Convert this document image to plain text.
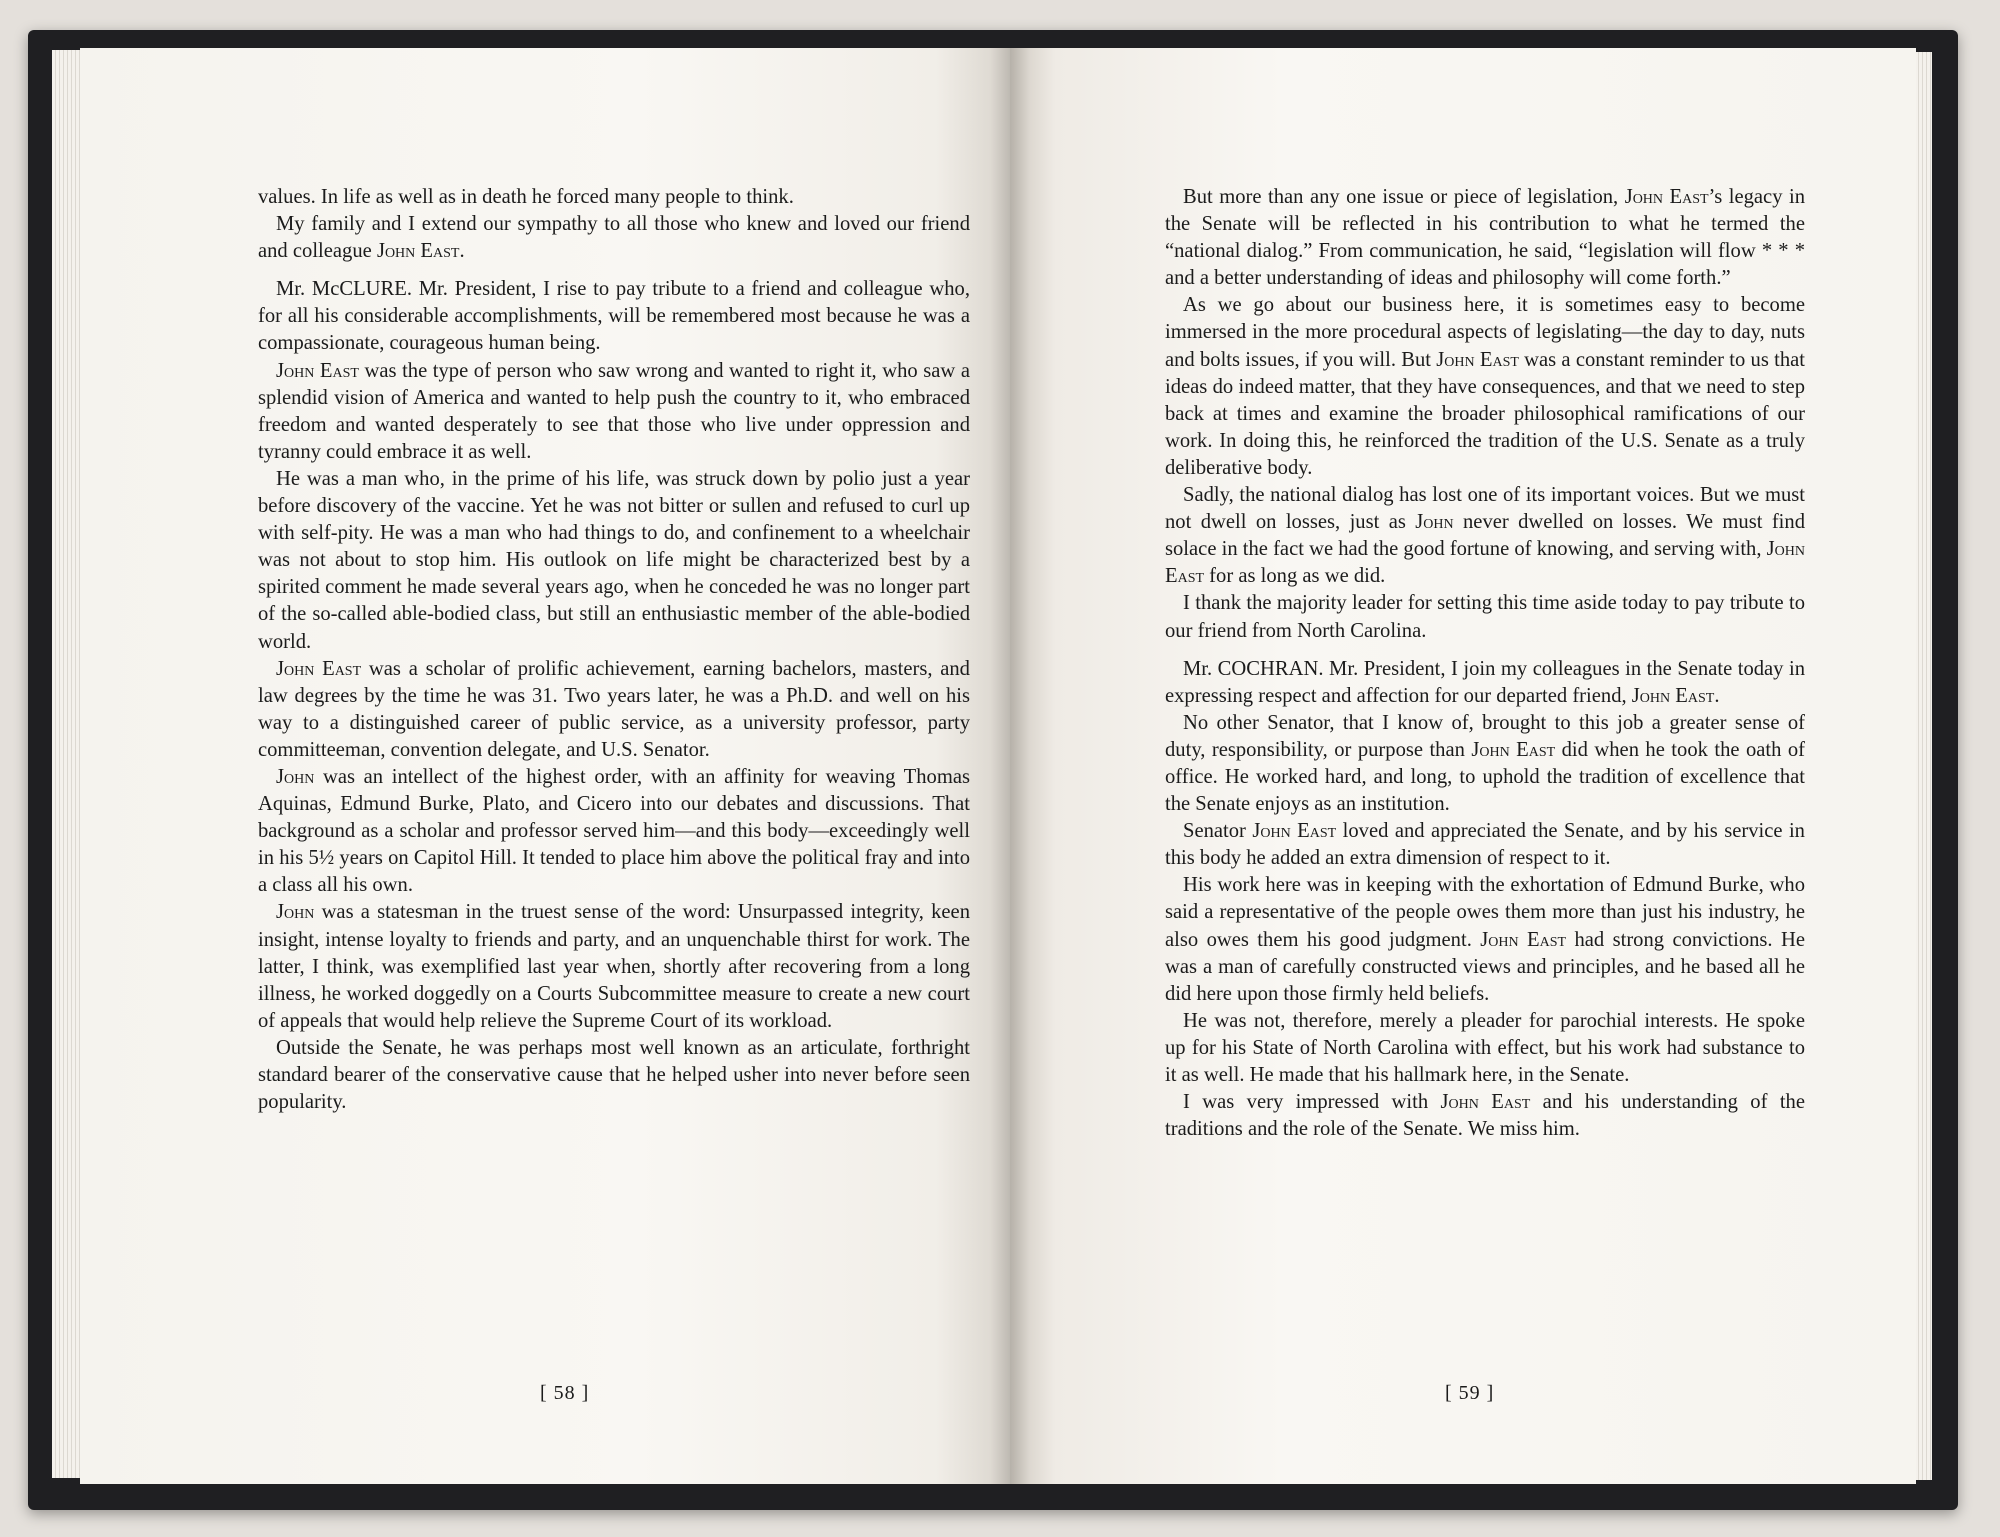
values. In life as well as in death he forced many people to think.

My family and I extend our sympathy to all those who knew and loved our friend and colleague John East.

Mr. McCLURE. Mr. President, I rise to pay tribute to a friend and colleague who, for all his considerable accomplishments, will be remembered most because he was a compassionate, courageous human being.

John East was the type of person who saw wrong and wanted to right it, who saw a splendid vision of America and wanted to help push the country to it, who embraced freedom and wanted desperately to see that those who live under oppression and tyranny could embrace it as well.

He was a man who, in the prime of his life, was struck down by polio just a year before discovery of the vaccine. Yet he was not bitter or sullen and refused to curl up with self-pity. He was a man who had things to do, and confinement to a wheelchair was not about to stop him. His outlook on life might be characterized best by a spirited comment he made several years ago, when he conceded he was no longer part of the so-called able-bodied class, but still an enthusiastic member of the able-bodied world.

John East was a scholar of prolific achievement, earning bachelors, masters, and law degrees by the time he was 31. Two years later, he was a Ph.D. and well on his way to a distinguished career of public service, as a university professor, party committeeman, convention delegate, and U.S. Senator.

John was an intellect of the highest order, with an affinity for weaving Thomas Aquinas, Edmund Burke, Plato, and Cicero into our debates and discussions. That background as a scholar and professor served him—and this body—exceedingly well in his 5½ years on Capitol Hill. It tended to place him above the political fray and into a class all his own.

John was a statesman in the truest sense of the word: Unsurpassed integrity, keen insight, intense loyalty to friends and party, and an unquenchable thirst for work. The latter, I think, was exemplified last year when, shortly after recovering from a long illness, he worked doggedly on a Courts Subcommittee measure to create a new court of appeals that would help relieve the Supreme Court of its workload.

Outside the Senate, he was perhaps most well known as an articulate, forthright standard bearer of the conservative cause that he helped usher into never before seen popularity.

[ 58 ]

But more than any one issue or piece of legislation, John East’s legacy in the Senate will be reflected in his contribution to what he termed the “national dialog.” From communication, he said, “legislation will flow * * * and a better understanding of ideas and philosophy will come forth.”

As we go about our business here, it is sometimes easy to become immersed in the more procedural aspects of legislating—the day to day, nuts and bolts issues, if you will. But John East was a constant reminder to us that ideas do indeed matter, that they have consequences, and that we need to step back at times and examine the broader philosophical ramifications of our work. In doing this, he reinforced the tradition of the U.S. Senate as a truly deliberative body.

Sadly, the national dialog has lost one of its important voices. But we must not dwell on losses, just as John never dwelled on losses. We must find solace in the fact we had the good fortune of knowing, and serving with, John East for as long as we did.

I thank the majority leader for setting this time aside today to pay tribute to our friend from North Carolina.

Mr. COCHRAN. Mr. President, I join my colleagues in the Senate today in expressing respect and affection for our departed friend, John East.

No other Senator, that I know of, brought to this job a greater sense of duty, responsibility, or purpose than John East did when he took the oath of office. He worked hard, and long, to uphold the tradition of excellence that the Senate enjoys as an institution.

Senator John East loved and appreciated the Senate, and by his service in this body he added an extra dimension of respect to it.

His work here was in keeping with the exhortation of Edmund Burke, who said a representative of the people owes them more than just his industry, he also owes them his good judgment. John East had strong convictions. He was a man of carefully constructed views and principles, and he based all he did here upon those firmly held beliefs.

He was not, therefore, merely a pleader for parochial interests. He spoke up for his State of North Carolina with effect, but his work had substance to it as well. He made that his hallmark here, in the Senate.

I was very impressed with John East and his understanding of the traditions and the role of the Senate. We miss him.

[ 59 ]
